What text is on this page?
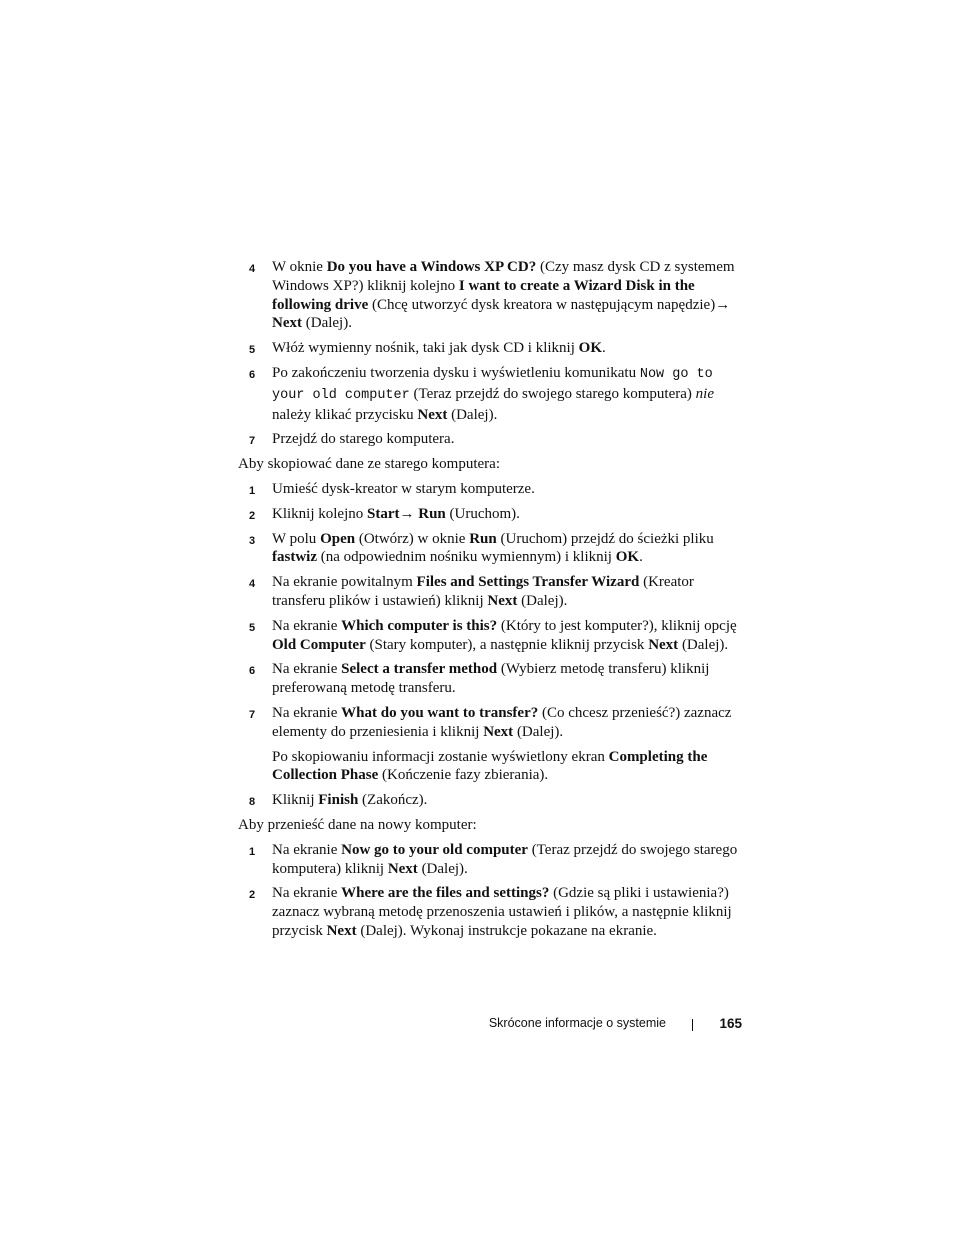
4 W oknie Do you have a Windows XP CD? (Czy masz dysk CD z systemem Windows XP?) kliknij kolejno I want to create a Wizard Disk in the following drive (Chcę utworzyć dysk kreatora w następującym napędzie)→ Next (Dalej).
5 Włóż wymienny nośnik, taki jak dysk CD i kliknij OK.
6 Po zakończeniu tworzenia dysku i wyświetleniu komunikatu Now go to your old computer (Teraz przejdź do swojego starego komputera) nie należy klikać przycisku Next (Dalej).
7 Przejdź do starego komputera.

Aby skopiować dane ze starego komputera:

1 Umieść dysk-kreator w starym komputerze.
2 Kliknij kolejno Start→ Run (Uruchom).
3 W polu Open (Otwórz) w oknie Run (Uruchom) przejdź do ścieżki pliku fastwiz (na odpowiednim nośniku wymiennym) i kliknij OK.
4 Na ekranie powitalnym Files and Settings Transfer Wizard (Kreator transferu plików i ustawień) kliknij Next (Dalej).
5 Na ekranie Which computer is this? (Który to jest komputer?), kliknij opcję Old Computer (Stary komputer), a następnie kliknij przycisk Next (Dalej).
6 Na ekranie Select a transfer method (Wybierz metodę transferu) kliknij preferowaną metodę transferu.
7 Na ekranie What do you want to transfer? (Co chcesz przenieść?) zaznacz elementy do przeniesienia i kliknij Next (Dalej).
Po skopiowaniu informacji zostanie wyświetlony ekran Completing the Collection Phase (Kończenie fazy zbierania).
8 Kliknij Finish (Zakończ).

Aby przenieść dane na nowy komputer:

1 Na ekranie Now go to your old computer (Teraz przejdź do swojego starego komputera) kliknij Next (Dalej).
2 Na ekranie Where are the files and settings? (Gdzie są pliki i ustawienia?) zaznacz wybraną metodę przenoszenia ustawień i plików, a następnie kliknij przycisk Next (Dalej). Wykonaj instrukcje pokazane na ekranie.
Skrócone informacje o systemie	165
